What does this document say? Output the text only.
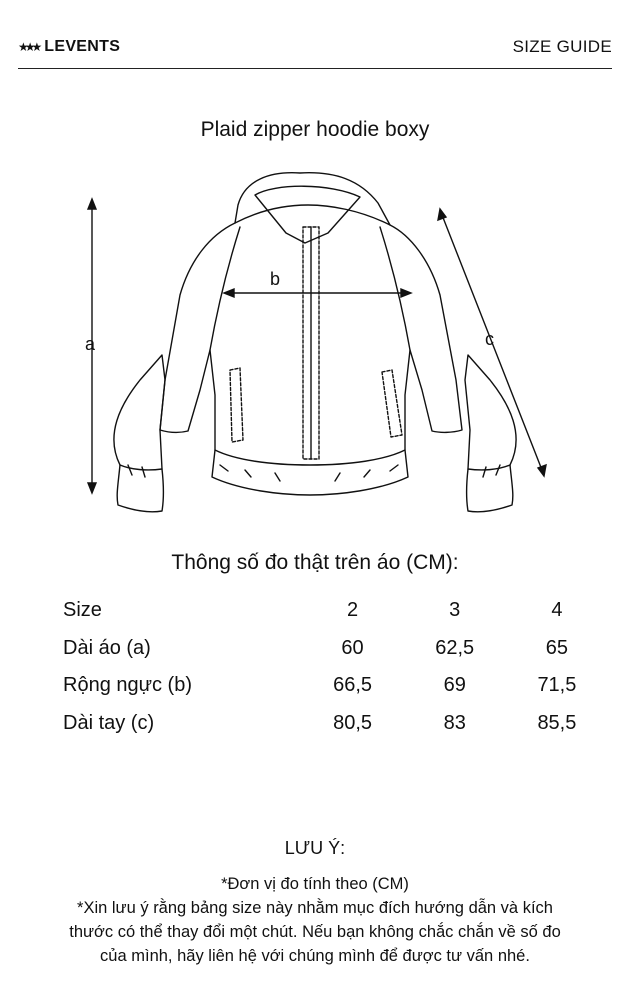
★★★ LEVENTS	SIZE GUIDE
Plaid zipper hoodie boxy
a
b
c
Thông số đo thật trên áo (CM):
Size	2	3	4
Dài áo (a)	60	62,5	65
Rộng ngực (b)	66,5	69	71,5
Dài tay (c)	80,5	83	85,5
LƯU Ý:
*Đơn vị đo tính theo (CM)
*Xin lưu ý rằng bảng size này nhằm mục đích hướng dẫn và kích
thước có thể thay đổi một chút. Nếu bạn không chắc chắn về số đo
của mình, hãy liên hệ với chúng mình để được tư vấn nhé.
